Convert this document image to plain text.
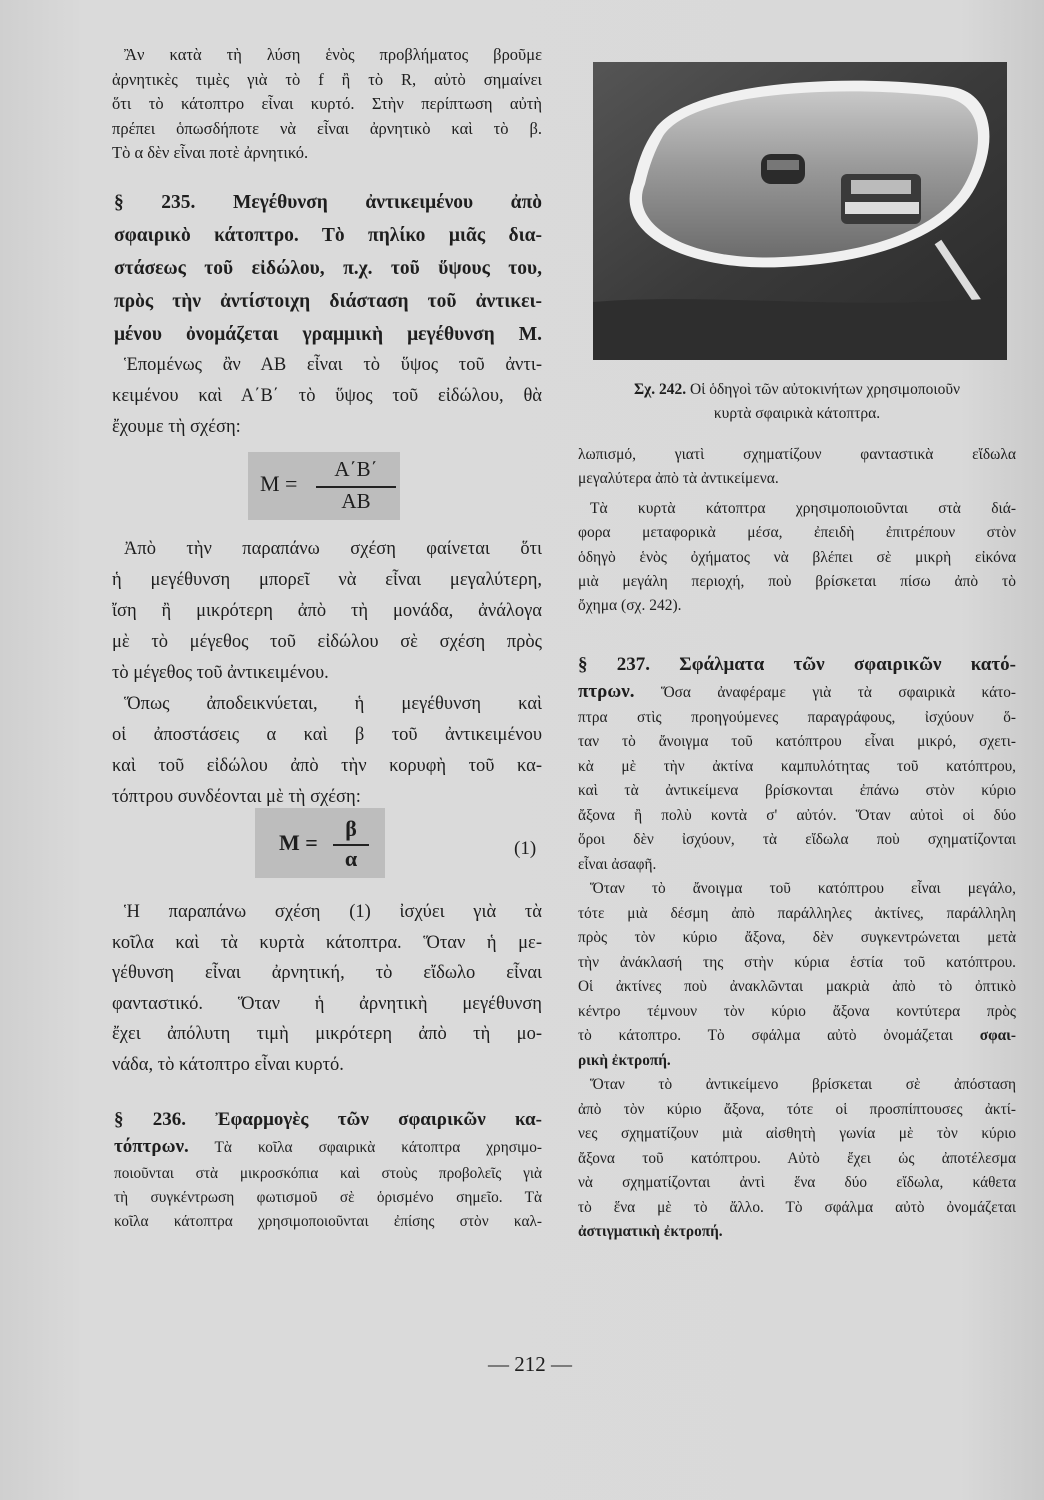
Ἂν κατὰ τὴ λύση ἑνὸς προβλήματος βροῦμε
ἀρνητικὲς τιμὲς γιὰ τὸ f ἢ τὸ R, αὐτὸ σημαίνει
ὅτι τὸ κάτοπτρο εἶναι κυρτό. Στὴν περίπτωση αὐτὴ
πρέπει ὁπωσδήποτε νὰ εἶναι ἀρνητικὸ καὶ τὸ β.
Τὸ α δὲν εἶναι ποτὲ ἀρνητικό.
§ 235. Μεγέθυνση ἀντικειμένου ἀπὸ
σφαιρικὸ κάτοπτρο. Τὸ πηλίκο μιᾶς δια-
στάσεως τοῦ εἰδώλου, π.χ. τοῦ ὕψους του,
πρὸς τὴν ἀντίστοιχη διάσταση τοῦ ἀντικει-
μένου ὀνομάζεται γραμμικὴ μεγέθυνση Μ.
Ἑπομένως ἂν ΑΒ εἶναι τὸ ὕψος τοῦ ἀντι-
κειμένου καὶ Α΄Β΄ τὸ ὕψος τοῦ εἰδώλου, θὰ
ἔχουμε τὴ σχέση:
Μ =
Α΄Β΄
ΑΒ
Ἀπὸ τὴν παραπάνω σχέση φαίνεται ὅτι
ἡ μεγέθυνση μπορεῖ νὰ εἶναι μεγαλύτερη,
ἴση ἢ μικρότερη ἀπὸ τὴ μονάδα, ἀνάλογα
μὲ τὸ μέγεθος τοῦ εἰδώλου σὲ σχέση πρὸς
τὸ μέγεθος τοῦ ἀντικειμένου.
Ὅπως ἀποδεικνύεται, ἡ μεγέθυνση καὶ
οἱ ἀποστάσεις α καὶ β τοῦ ἀντικειμένου
καὶ τοῦ εἰδώλου ἀπὸ τὴν κορυφὴ τοῦ κα-
τόπτρου συνδέονται μὲ τὴ σχέση:
Μ =
β
α	(1)
Ἡ παραπάνω σχέση (1) ἰσχύει γιὰ τὰ
κοῖλα καὶ τὰ κυρτὰ κάτοπτρα. Ὅταν ἡ με-
γέθυνση εἶναι ἀρνητική, τὸ εἴδωλο εἶναι
φανταστικό. Ὅταν ἡ ἀρνητικὴ μεγέθυνση
ἔχει ἀπόλυτη τιμὴ μικρότερη ἀπὸ τὴ μο-
νάδα, τὸ κάτοπτρο εἶναι κυρτό.
§ 236. Ἐφαρμογὲς τῶν σφαιρικῶν κα-
τόπτρων. Τὰ κοῖλα σφαιρικὰ κάτοπτρα χρησιμο-
ποιοῦνται στὰ μικροσκόπια καὶ στοὺς προβολεῖς γιὰ
τὴ συγκέντρωση φωτισμοῦ σὲ ὁρισμένο σημεῖο. Τὰ
κοῖλα κάτοπτρα χρησιμοποιοῦνται ἐπίσης στὸν καλ-
Σχ. 242. Οἱ ὁδηγοὶ τῶν αὐτοκινήτων χρησιμοποιοῦν
κυρτὰ σφαιρικὰ κάτοπτρα.
λωπισμό, γιατὶ σχηματίζουν φανταστικὰ εἴδωλα
μεγαλύτερα ἀπὸ τὰ ἀντικείμενα.
Τὰ κυρτὰ κάτοπτρα χρησιμοποιοῦνται στὰ διά-
φορα μεταφορικὰ μέσα, ἐπειδὴ ἐπιτρέπουν στὸν
ὁδηγὸ ἑνὸς ὀχήματος νὰ βλέπει σὲ μικρὴ εἰκόνα
μιὰ μεγάλη περιοχή, ποὺ βρίσκεται πίσω ἀπὸ τὸ
ὄχημα (σχ. 242).
§ 237. Σφάλματα τῶν σφαιρικῶν κατό-
πτρων. Ὅσα ἀναφέραμε γιὰ τὰ σφαιρικὰ κάτο-
πτρα στὶς προηγούμενες παραγράφους, ἰσχύουν ὅ-
ταν τὸ ἄνοιγμα τοῦ κατόπτρου εἶναι μικρό, σχετι-
κὰ μὲ τὴν ἀκτίνα καμπυλότητας τοῦ κατόπτρου,
καὶ τὰ ἀντικείμενα βρίσκονται ἐπάνω στὸν κύριο
ἄξονα ἢ πολὺ κοντὰ σ' αὐτόν. Ὅταν αὐτοὶ οἱ δύο
ὅροι δὲν ἰσχύουν, τὰ εἴδωλα ποὺ σχηματίζονται
εἶναι ἀσαφῆ.
Ὅταν τὸ ἄνοιγμα τοῦ κατόπτρου εἶναι μεγάλο,
τότε μιὰ δέσμη ἀπὸ παράλληλες ἀκτίνες, παράλληλη
πρὸς τὸν κύριο ἄξονα, δὲν συγκεντρώνεται μετὰ
τὴν ἀνάκλασή της στὴν κύρια ἑστία τοῦ κατόπτρου.
Οἱ ἀκτίνες ποὺ ἀνακλῶνται μακριὰ ἀπὸ τὸ ὀπτικὸ
κέντρο τέμνουν τὸν κύριο ἄξονα κοντύτερα πρὸς
τὸ κάτοπτρο. Τὸ σφάλμα αὐτὸ ὀνομάζεται σφαι-
ρικὴ ἐκτροπή.
Ὅταν τὸ ἀντικείμενο βρίσκεται σὲ ἀπόσταση
ἀπὸ τὸν κύριο ἄξονα, τότε οἱ προσπίπτουσες ἀκτί-
νες σχηματίζουν μιὰ αἰσθητὴ γωνία μὲ τὸν κύριο
ἄξονα τοῦ κατόπτρου. Αὐτὸ ἔχει ὡς ἀποτέλεσμα
νὰ σχηματίζονται ἀντὶ ἕνα δύο εἴδωλα, κάθετα
τὸ ἕνα μὲ τὸ ἄλλο. Τὸ σφάλμα αὐτὸ ὀνομάζεται
ἀστιγματικὴ ἐκτροπή.
— 212 —
